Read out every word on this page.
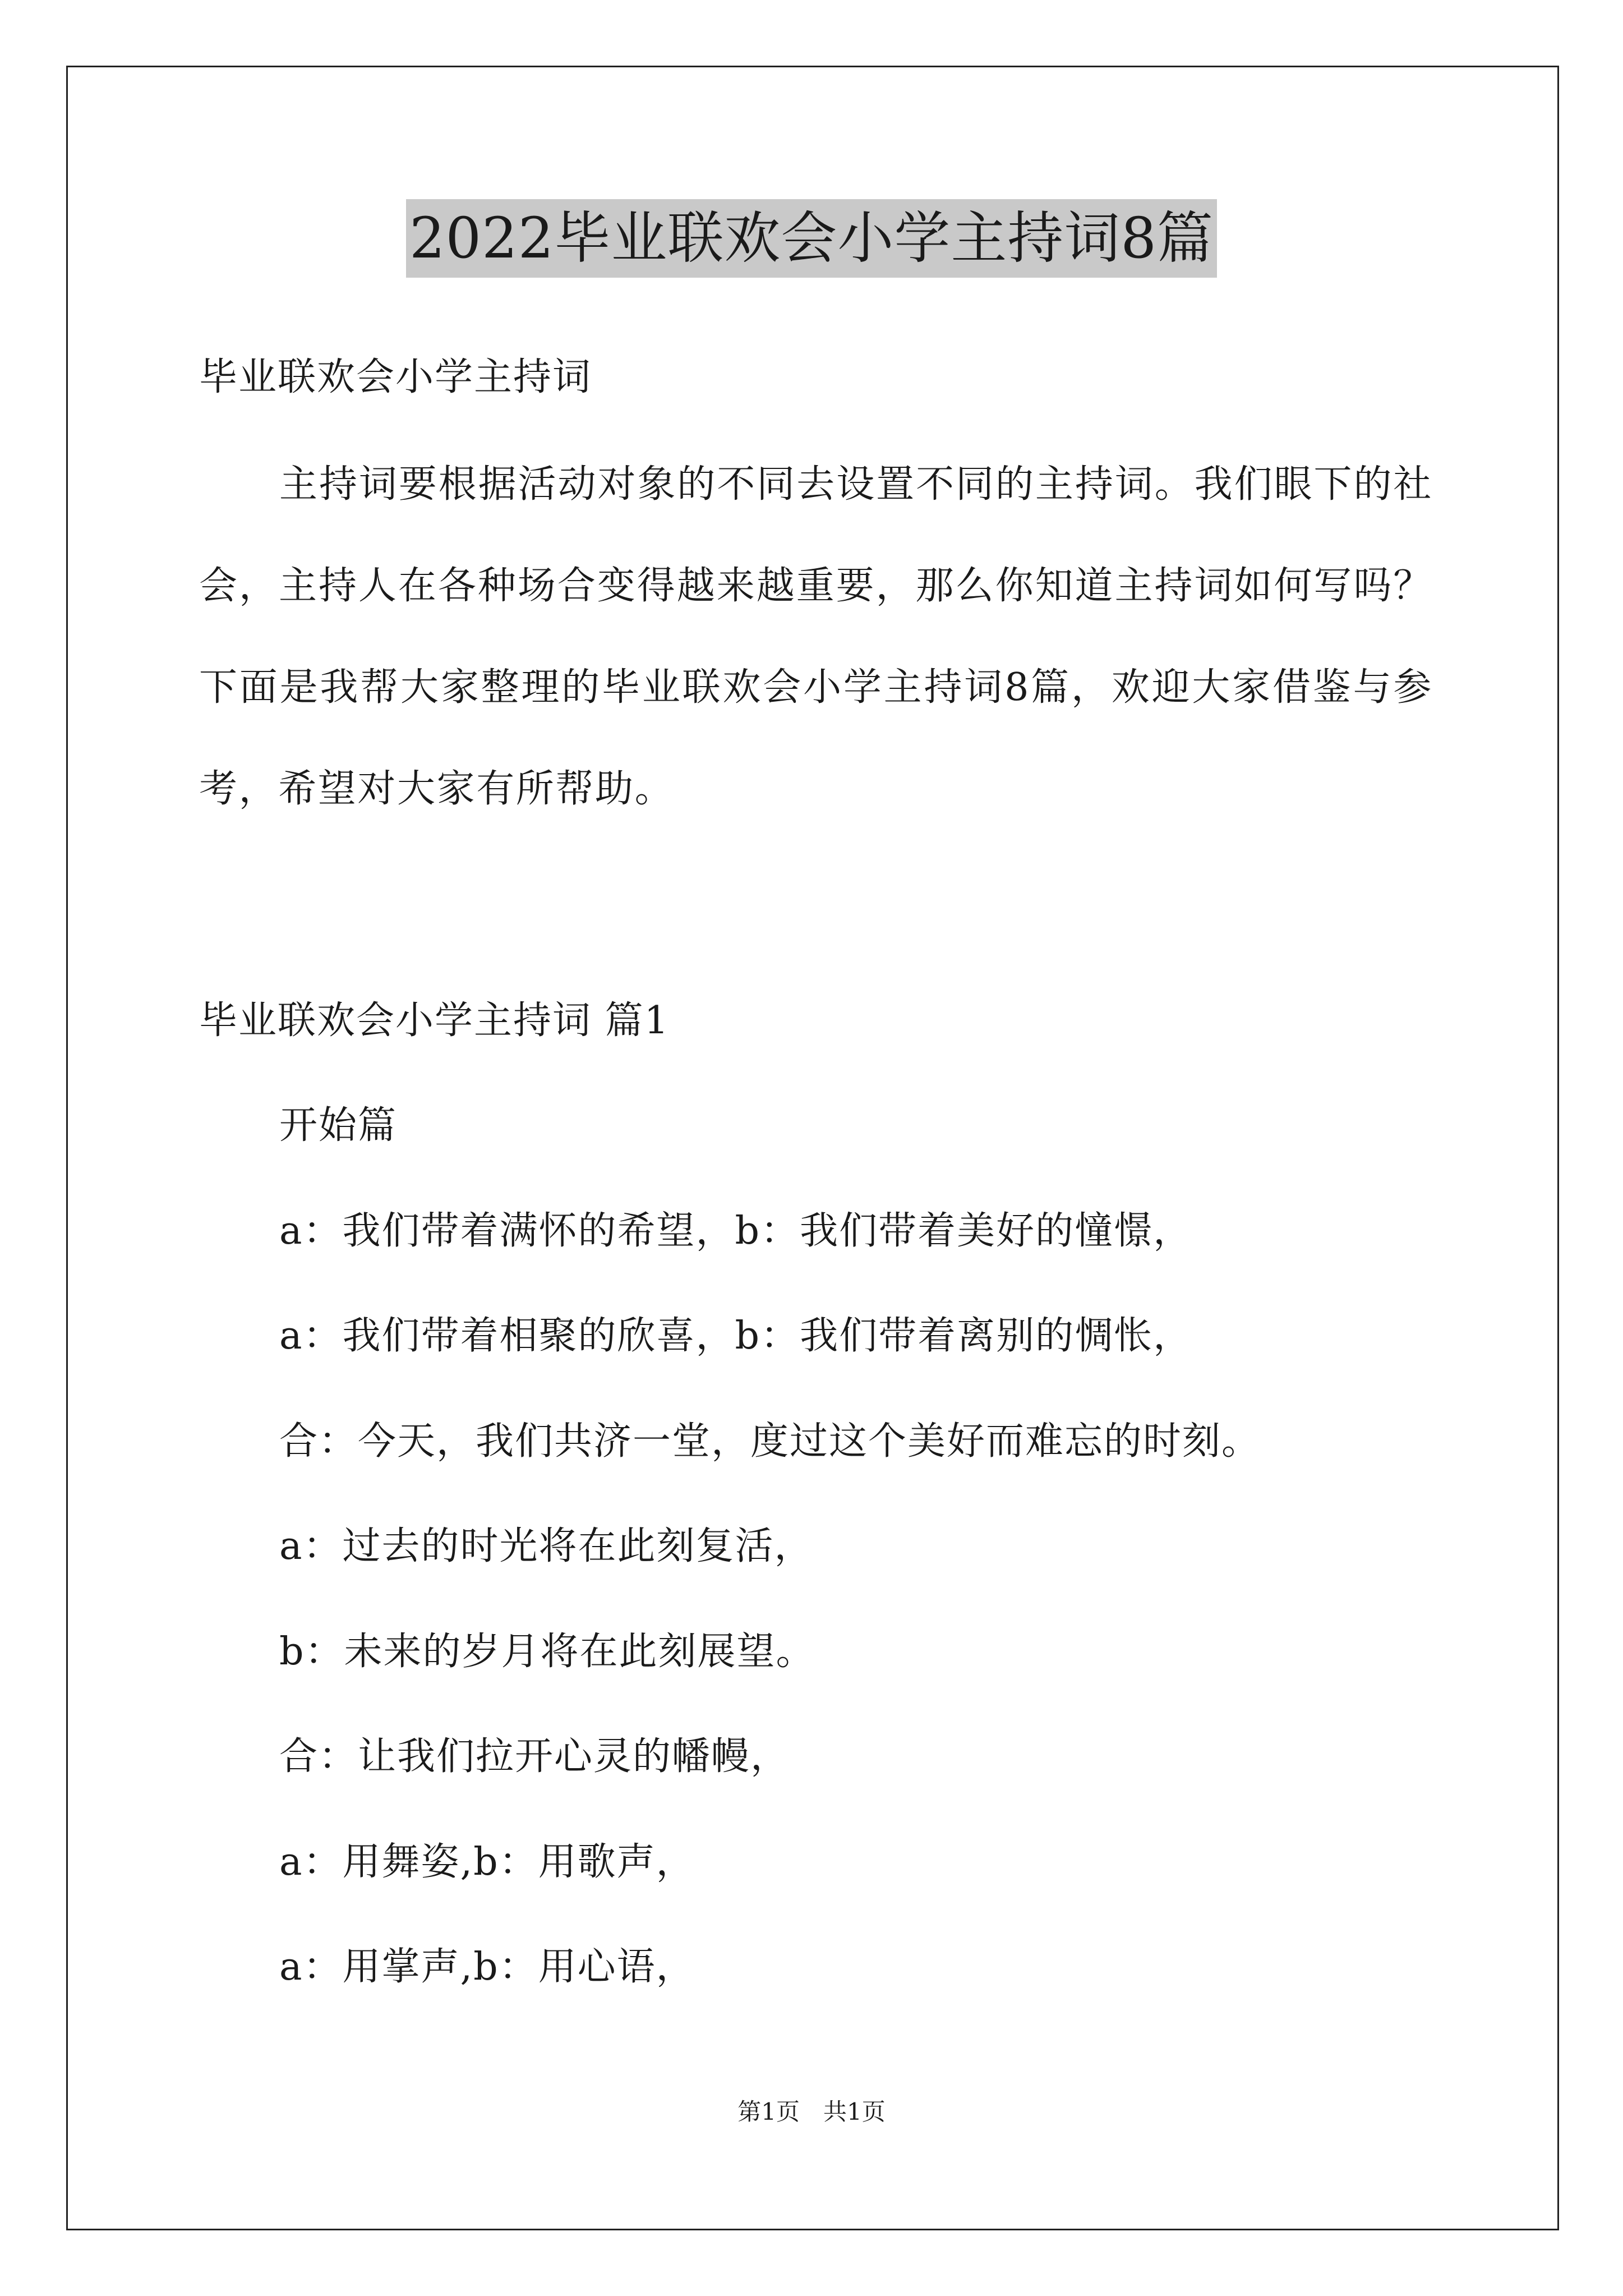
2022毕业联欢会小学主持词8篇
毕业联欢会小学主持词
主持词要根据活动对象的不同去设置不同的主持词。我们眼下的社会，主持人在各种场合变得越来越重要，那么你知道主持词如何写吗？下面是我帮大家整理的毕业联欢会小学主持词8篇，欢迎大家借鉴与参考，希望对大家有所帮助。
毕业联欢会小学主持词 篇1
开始篇
a：我们带着满怀的希望，b：我们带着美好的憧憬，
a：我们带着相聚的欣喜，b：我们带着离别的惆怅，
合：今天，我们共济一堂，度过这个美好而难忘的时刻。
a：过去的时光将在此刻复活，
b：未来的岁月将在此刻展望。
合：让我们拉开心灵的幡幔，
a：用舞姿,b：用歌声，
a：用掌声,b：用心语，
第1页　共1页
